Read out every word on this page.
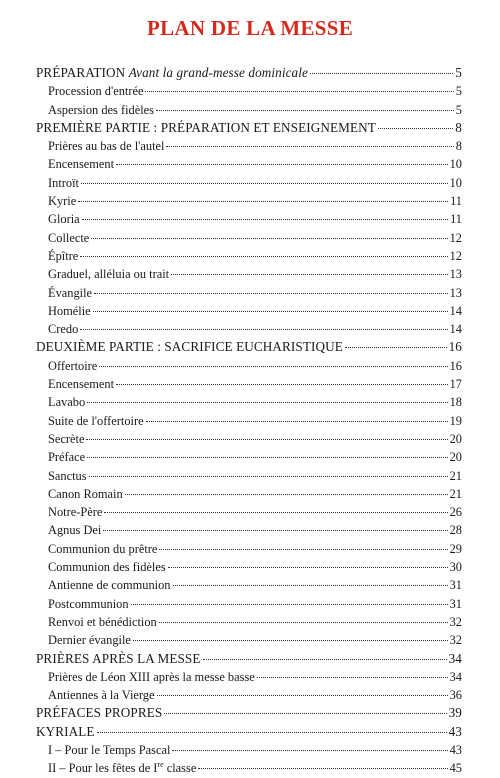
PLAN DE LA MESSE
PRÉPARATION Avant la grand-messe dominicale	5
Procession d'entrée	5
Aspersion des fidèles	5
PREMIÈRE PARTIE : PRÉPARATION ET ENSEIGNEMENT	8
Prières au bas de l'autel	8
Encensement	10
Introït	10
Kyrie	11
Gloria	11
Collecte	12
Épître	12
Graduel, alléluia ou trait	13
Évangile	13
Homélie	14
Credo	14
DEUXIÈME PARTIE : SACRIFICE EUCHARISTIQUE	16
Offertoire	16
Encensement	17
Lavabo	18
Suite de l'offertoire	19
Secrète	20
Préface	20
Sanctus	21
Canon Romain	21
Notre-Père	26
Agnus Dei	28
Communion du prêtre	29
Communion des fidèles	30
Antienne de communion	31
Postcommunion	31
Renvoi et bénédiction	32
Dernier évangile	32
PRIÈRES APRÈS LA MESSE	34
Prières de Léon XIII après la messe basse	34
Antiennes à la Vierge	36
PRÉFACES PROPRES	39
KYRIALE	43
I – Pour le Temps Pascal	43
II – Pour les fêtes de Ire classe	45
